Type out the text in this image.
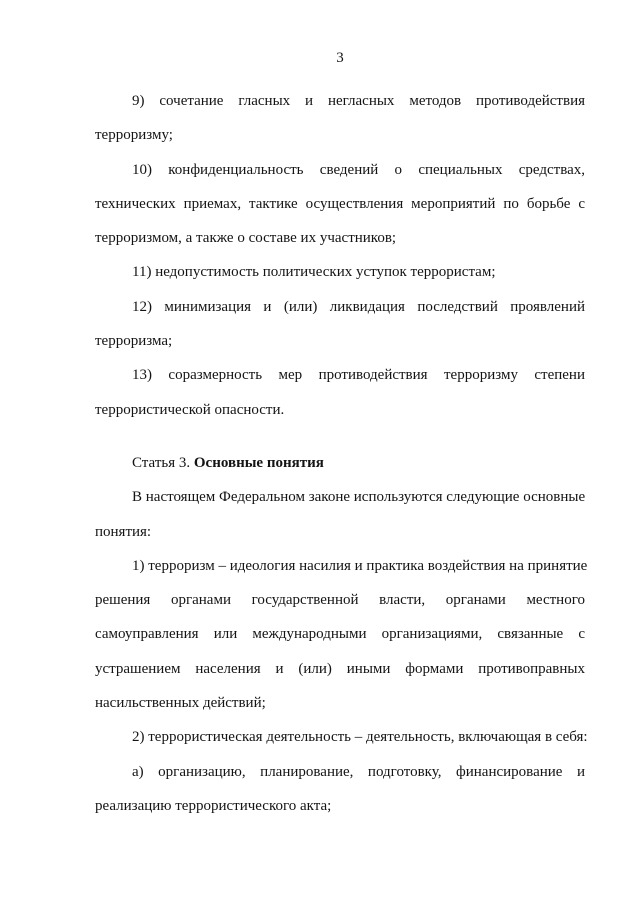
3
9) сочетание гласных и негласных методов противодействия
терроризму;
10) конфиденциальность сведений о специальных средствах,
технических приемах, тактике осуществления мероприятий по борьбе с
терроризмом, а также о составе их участников;
11) недопустимость политических уступок террористам;
12) минимизация и (или) ликвидация последствий проявлений
терроризма;
13) соразмерность мер противодействия терроризму степени
террористической опасности.
Статья 3. Основные понятия
В настоящем Федеральном законе используются следующие основные
понятия:
1) терроризм – идеология насилия и практика воздействия на принятие
решения органами государственной власти, органами местного
самоуправления или международными организациями, связанные с
устрашением населения и (или) иными формами противоправных
насильственных действий;
2) террористическая деятельность – деятельность, включающая в себя:
а) организацию, планирование, подготовку, финансирование и
реализацию террористического акта;
